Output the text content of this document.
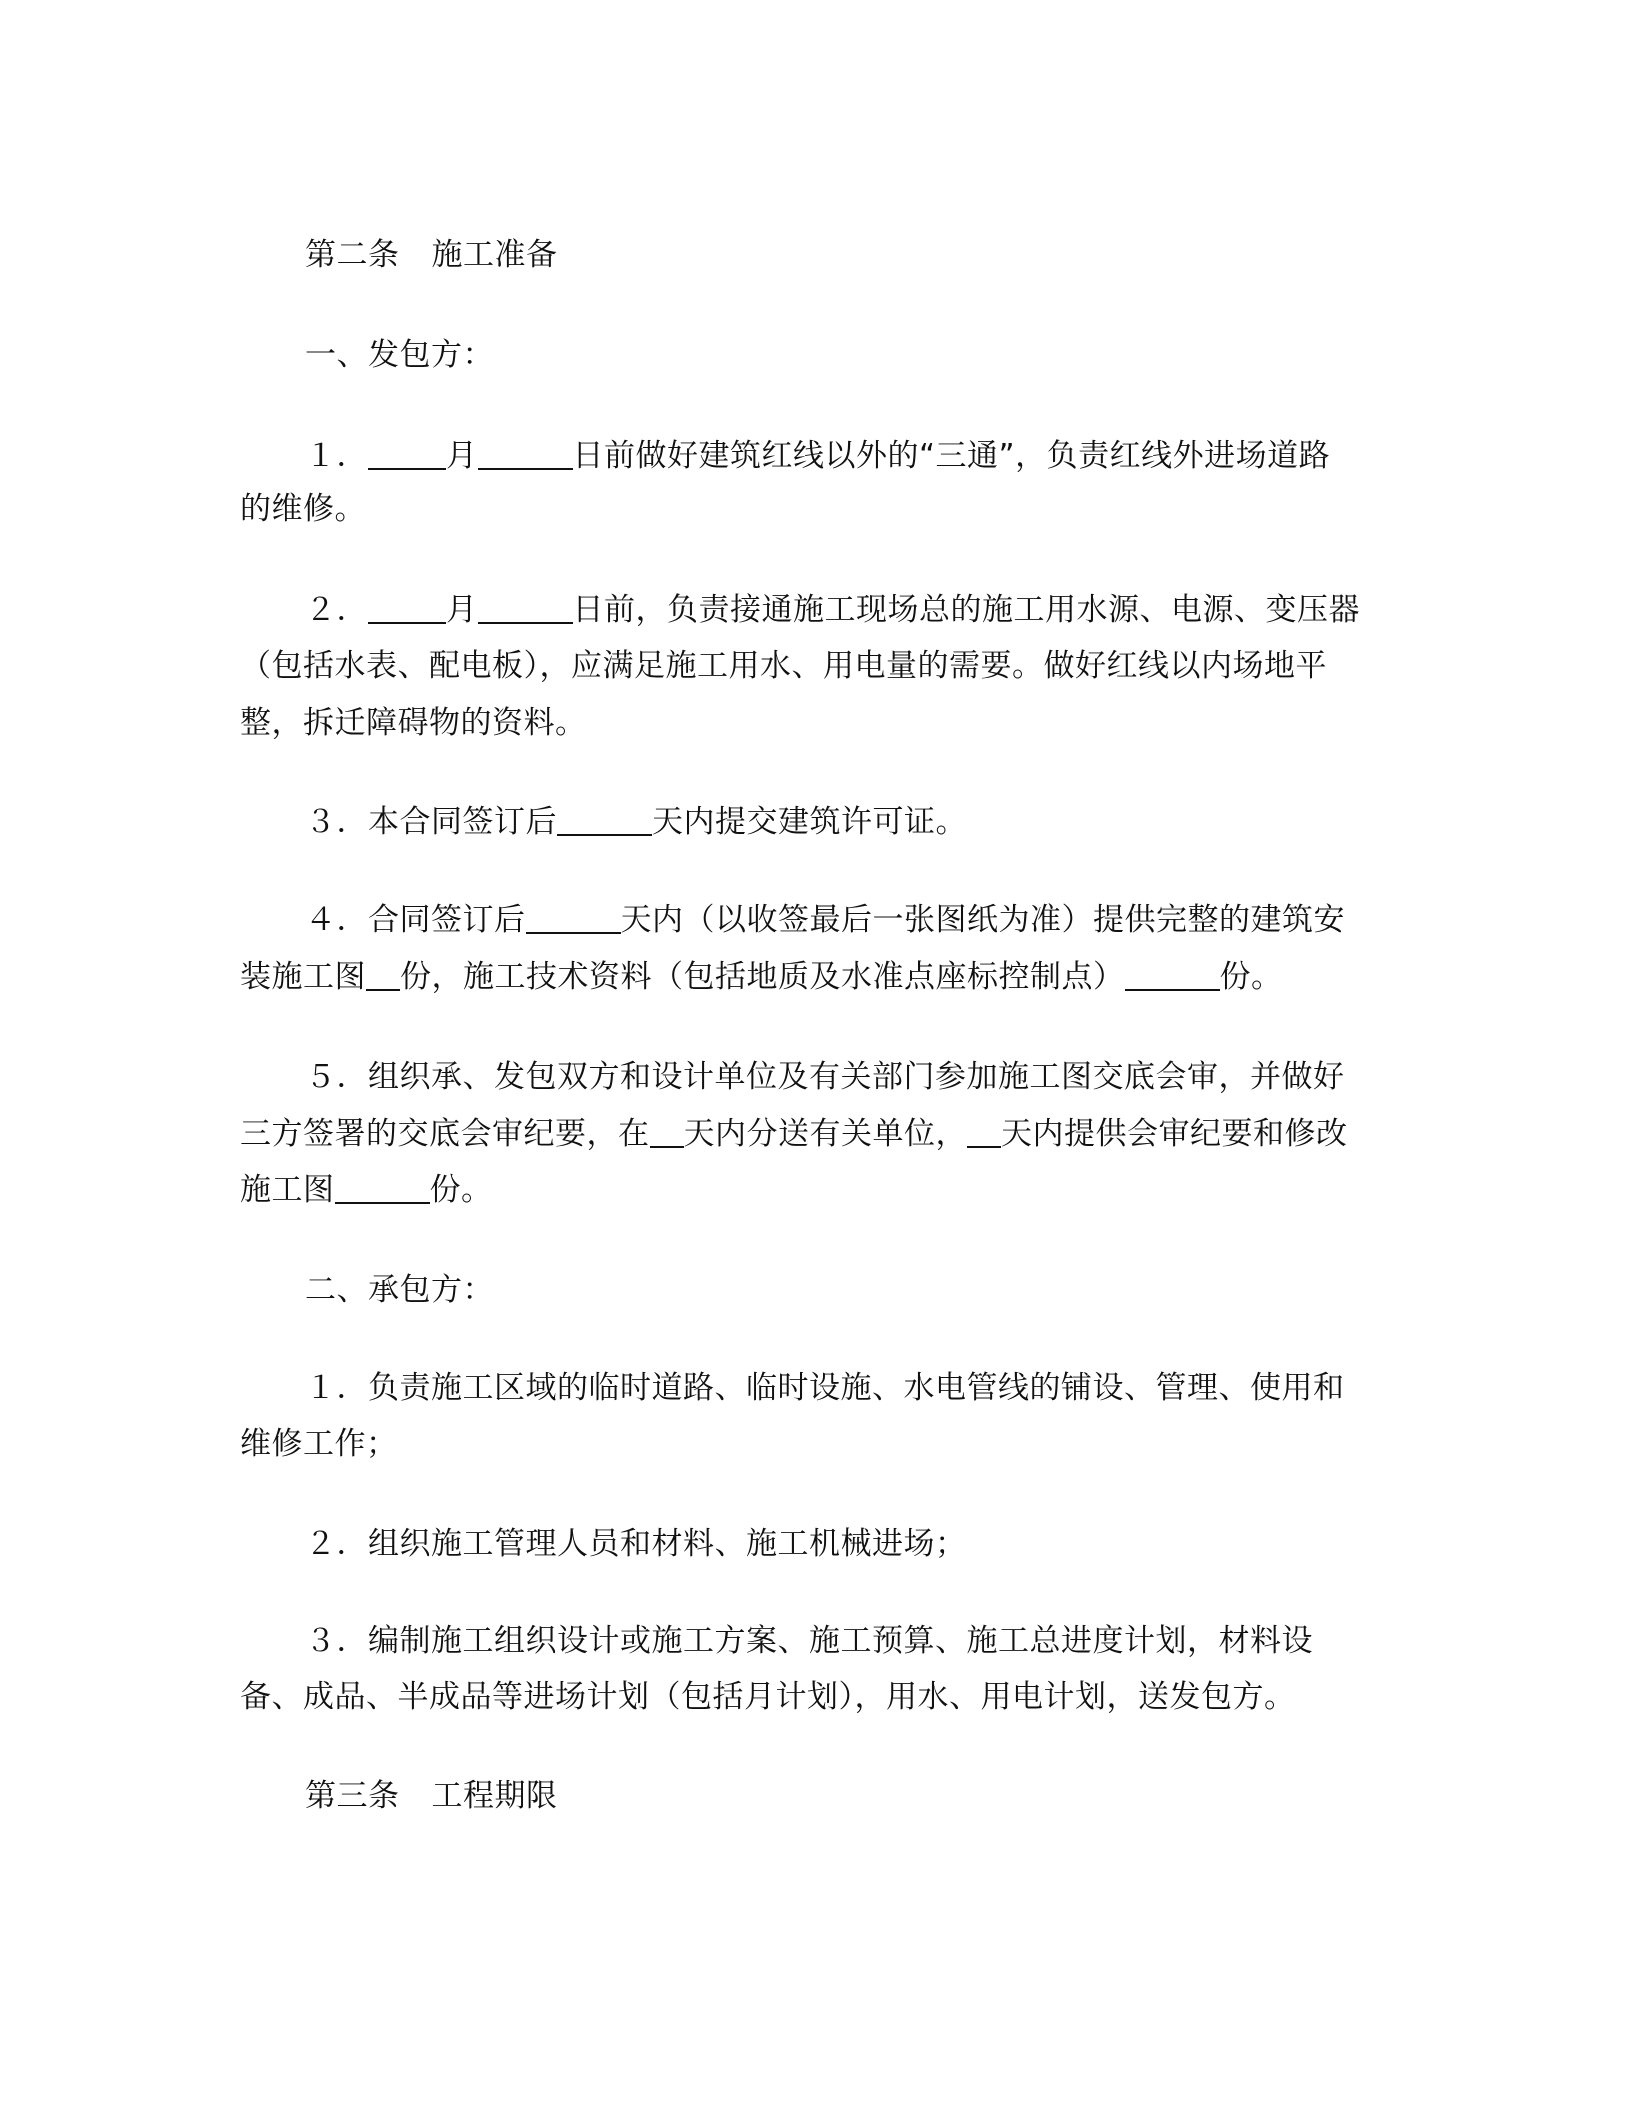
第二条 施工准备
一、发包方：
１．	月	日前做好建筑红线以外的“三通”，负责红线外进场道路
的维修。
２．	月	日前，负责接通施工现场总的施工用水源、电源、变压器
（包括水表、配电板），应满足施工用水、用电量的需要。做好红线以内场地平
整，拆迁障碍物的资料。
３．本合同签订后	天内提交建筑许可证。
４．合同签订后	天内（以收签最后一张图纸为准）提供完整的建筑安
装施工图 份，施工技术资料（包括地质及水准点座标控制点）	份。
５．组织承、发包双方和设计单位及有关部门参加施工图交底会审，并做好
三方签署的交底会审纪要，在 天内分送有关单位， 天内提供会审纪要和修改
施工图	份。
二、承包方：
１．负责施工区域的临时道路、临时设施、水电管线的铺设、管理、使用和
维修工作；
２．组织施工管理人员和材料、施工机械进场；
３．编制施工组织设计或施工方案、施工预算、施工总进度计划，材料设
备、成品、半成品等进场计划（包括月计划），用水、用电计划，送发包方。
第三条 工程期限
